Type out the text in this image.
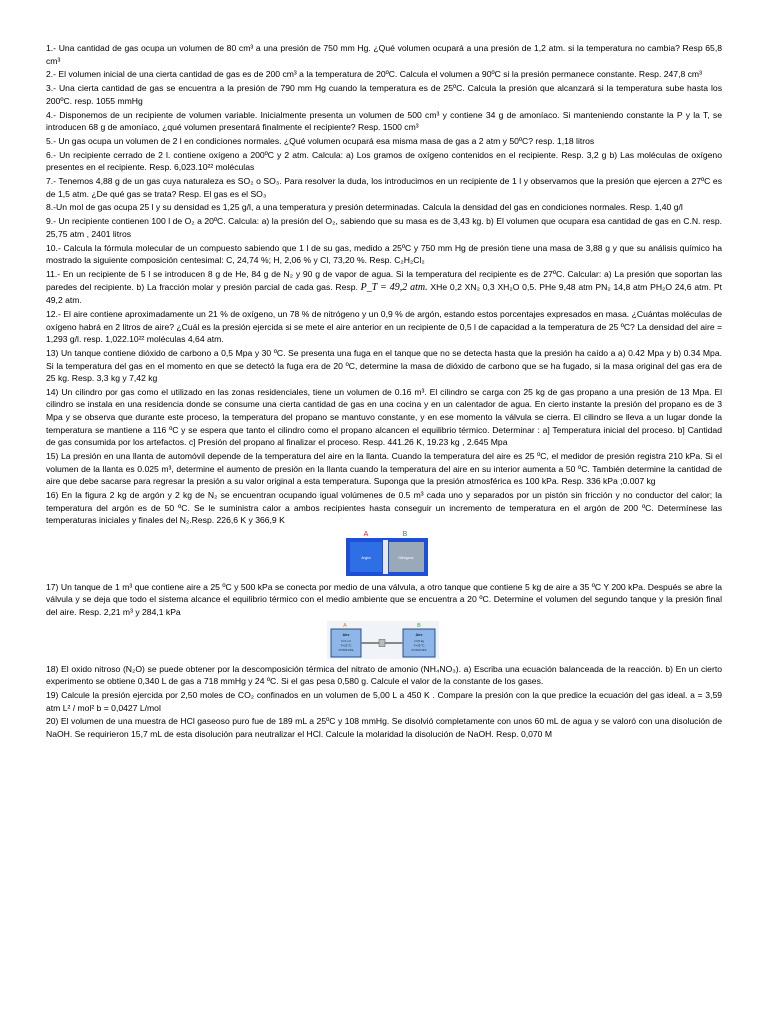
1.- Una cantidad de gas ocupa un volumen de 80 cm³ a una presión de 750 mm Hg. ¿Qué volumen ocupará a una presión de 1,2 atm. si la temperatura no cambia? Resp 65,8 cm³
2.- El volumen inicial de una cierta cantidad de gas es de 200 cm³ a la temperatura de 20ºC. Calcula el volumen a 90ºC si la presión permanece constante. Resp. 247,8 cm³
3.- Una cierta cantidad de gas se encuentra a la presión de 790 mm Hg cuando la temperatura es de 25ºC. Calcula la presión que alcanzará si la temperatura sube hasta los 200ºC. resp. 1055 mmHg
4.- Disponemos de un recipiente de volumen variable. Inicialmente presenta un volumen de 500 cm³ y contiene 34 g de amoníaco. Si manteniendo constante la P y la T, se introducen 68 g de amoníaco, ¿qué volumen presentará finalmente el recipiente? Resp. 1500 cm³
5.- Un gas ocupa un volumen de 2 l en condiciones normales. ¿Qué volumen ocupará esa misma masa de gas a 2 atm y 50ºC? resp. 1,18 litros
6.- Un recipiente cerrado de 2 l. contiene oxígeno a 200ºC y 2 atm. Calcula: a) Los gramos de oxígeno contenidos en el recipiente. Resp. 3,2 g b) Las moléculas de oxígeno presentes en el recipiente. Resp. 6,023.10²² moléculas
7.- Tenemos 4,88 g de un gas cuya naturaleza es SO₂ o SO₃. Para resolver la duda, los introducimos en un recipiente de 1 l y observamos que la presión que ejercen a 27ºC es de 1,5 atm. ¿De qué gas se trata? Resp. El gas es el SO₃
8.-Un mol de gas ocupa 25 l y su densidad es 1,25 g/l, a una temperatura y presión determinadas. Calcula la densidad del gas en condiciones normales. Resp. 1,40 g/l
9.- Un recipiente contienen 100 l de O₂ a 20ºC. Calcula: a) la presión del O₂, sabiendo que su masa es de 3,43 kg. b) El volumen que ocupara esa cantidad de gas en C.N. resp. 25,75 atm , 2401 litros
10.- Calcula la fórmula molecular de un compuesto sabiendo que 1 l de su gas, medido a 25ºC y 750 mm Hg de presión tiene una masa de 3,88 g y que su análisis químico ha mostrado la siguiente composición centesimal: C, 24,74 %; H, 2,06 % y Cl, 73,20 %. Resp. C₂H₂Cl₂
11.- En un recipiente de 5 l se introducen 8 g de He, 84 g de N₂ y 90 g de vapor de agua. Si la temperatura del recipiente es de 27ºC. Calcular: a) La presión que soportan las paredes del recipiente. b) La fracción molar y presión parcial de cada gas. Resp. P_T = 49,2 atm. XHe 0,2 XN₂ 0,3 XH₂O 0,5. PHe 9,48 atm PN₂ 14,8 atm PH₂O 24,6 atm. Pt 49,2 atm.
12.- El aire contiene aproximadamente un 21 % de oxígeno, un 78 % de nitrógeno y un 0,9 % de argón, estando estos porcentajes expresados en masa. ¿Cuántas moléculas de oxígeno habrá en 2 litros de aire? ¿Cuál es la presión ejercida si se mete el aire anterior en un recipiente de 0,5 l de capacidad a la temperatura de 25 ºC? La densidad del aire = 1,293 g/l. resp. 1,022.10²² moléculas 4,64 atm.
13) Un tanque contiene dióxido de carbono a 0,5 Mpa y 30 ºC. Se presenta una fuga en el tanque que no se detecta hasta que la presión ha caído a a) 0.42 Mpa y b) 0.34 Mpa. Si la temperatura del gas en el momento en que se detectó la fuga era de 20 ºC, determine la masa de dióxido de carbono que se ha fugado, si la masa original del gas era de 25 kg. Resp. 3,3 kg y 7,42 kg
14) Un cilindro por gas como el utilizado en las zonas residenciales, tiene un volumen de 0.16 m³. El cilindro se carga con 25 kg de gas propano a una presión de 13 Mpa. El cilindro se instala en una residencia donde se consume una cierta cantidad de gas en una cocina y en un calentador de agua. En cierto instante la presión del propano es de 3 Mpa y se observa que durante este proceso, la temperatura del propano se mantuvo constante, y en ese momento la válvula se cierra. El cilindro se lleva a un lugar donde la temperatura se mantiene a 116 ºC y se espera que tanto el cilindro como el propano alcancen el equilibrio térmico. Determinar : a] Temperatura inicial del proceso. b] Cantidad de gas consumida por los artefactos. c] Presión del propano al finalizar el proceso. Resp. 441.26 K, 19.23 kg , 2.645 Mpa
15) La presión en una llanta de automóvil depende de la temperatura del aire en la llanta. Cuando la temperatura del aire es 25 ºC, el medidor de presión registra 210 kPa. Si el volumen de la llanta es 0.025 m³, determine el aumento de presión en la llanta cuando la temperatura del aire en su interior aumenta a 50 ºC. También determine la cantidad de aire que debe sacarse para regresar la presión a su valor original a esta temperatura. Suponga que la presión atmosférica es 100 kPa. Resp. 336 kPa ;0.007 kg
16) En la figura 2 kg de argón y 2 kg de N₂ se encuentran ocupando igual volúmenes de 0.5 m³ cada uno y separados por un pistón sin fricción y no conductor del calor; la temperatura del argón es de 50 ºC. Se le suministra calor a ambos recipientes hasta conseguir un incremento de temperatura en el argón de 200 ºC. Determínese las temperaturas iniciales y finales del N₂.Resp. 226,6 K y 366,9 K
A	B
Argón	Nitrógeno
17) Un tanque de 1 m³ que contiene aire a 25 ºC y 500 kPa se conecta por medio de una válvula, a otro tanque que contiene 5 kg de aire a 35 ºC Y 200 kPa. Después se abre la válvula y se deja que todo el sistema alcance el equilibrio térmico con el medio ambiente que se encuentra a 20 ºC. Determine el volumen del segundo tanque y la presión final del aire. Resp. 2,21 m³ y 284,1 kPa
A	B
Aire
V=1 m³
T=25 ºC
P=500 kPa
Aire
m=5 kg
T=35 ºC
P=200 kPa
18) El oxido nitroso (N₂O) se puede obtener por la descomposición térmica del nitrato de amonio (NH₄NO₃). a) Escriba una ecuación balanceada de la reacción. b) En un cierto experimento se obtiene 0,340 L de gas a 718 mmHg y 24 ºC. Si el gas pesa 0,580 g. Calcule el valor de la constante de los gases.
19) Calcule la presión ejercida por 2,50 moles de CO₂ confinados en un volumen de 5,00 L a 450 K . Compare la presión con la que predice la ecuación del gas ideal. a = 3,59 atm L² / mol² b = 0,0427 L/mol
20) El volumen de una muestra de HCl gaseoso puro fue de 189 mL a 25ºC y 108 mmHg. Se disolvió completamente con unos 60 mL de agua y se valoró con una disolución de NaOH. Se requirieron 15,7 mL de esta disolución para neutralizar el HCl. Calcule la molaridad la disolución de NaOH. Resp. 0,070 M
